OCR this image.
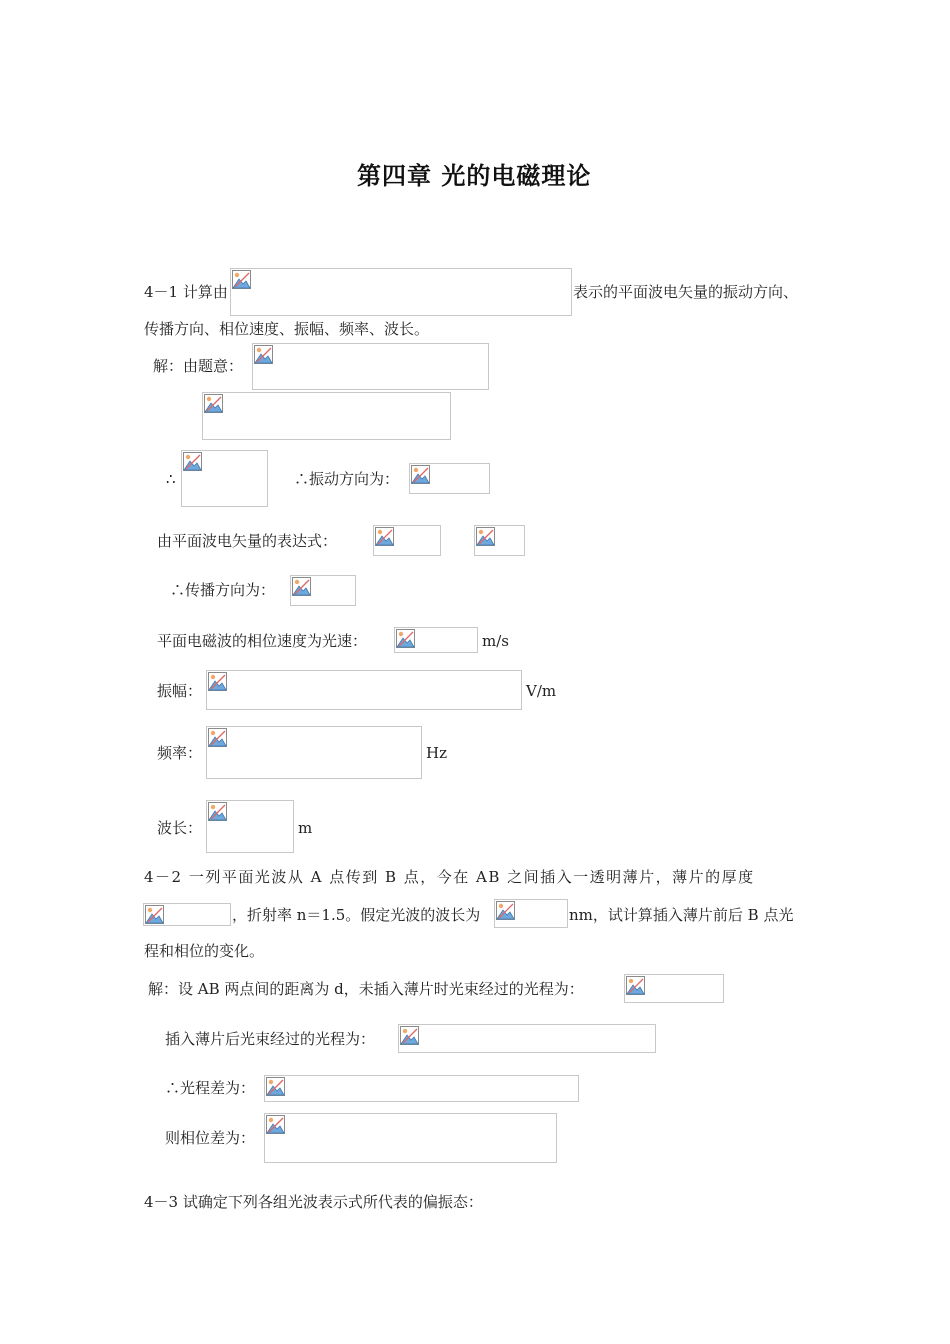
第四章 光的电磁理论
4－1 计算由	表示的平面波电矢量的振动方向、
传播方向、相位速度、振幅、频率、波长。
解：由题意：
∴	∴振动方向为：
由平面波电矢量的表达式：
∴传播方向为：
平面电磁波的相位速度为光速：	m/s
振幅：	V/m
频率：	Hz
波长：	m
4－2 一列平面光波从 A 点传到 B 点，今在 AB 之间插入一透明薄片，薄片的厚度
，折射率 n＝1.5。假定光波的波长为	nm，试计算插入薄片前后 B 点光
程和相位的变化。
解：设 AB 两点间的距离为 d，未插入薄片时光束经过的光程为：
插入薄片后光束经过的光程为：
∴光程差为：
则相位差为：
4－3 试确定下列各组光波表示式所代表的偏振态：
